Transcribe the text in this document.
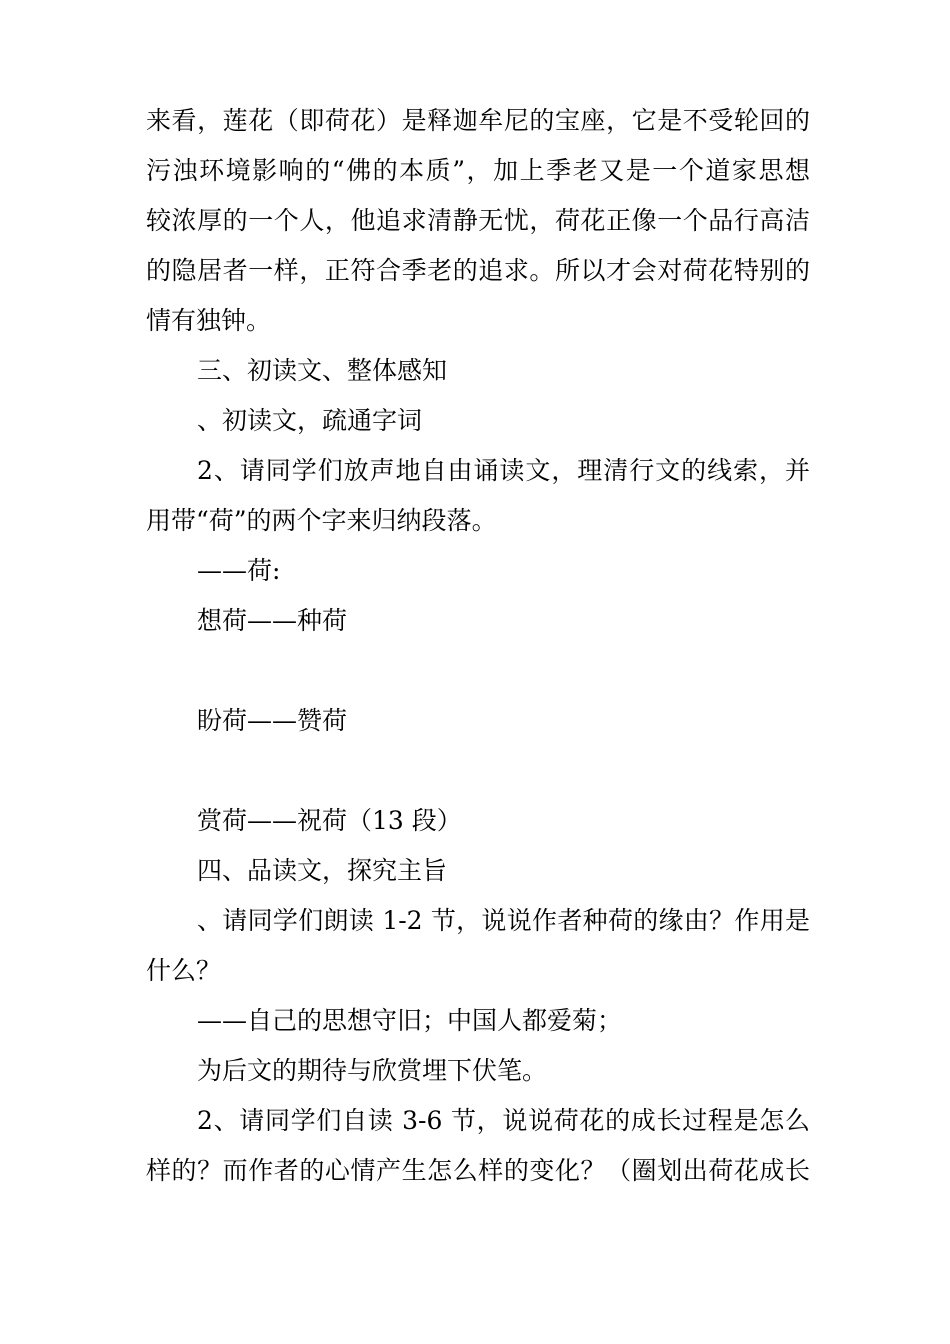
来看，莲花（即荷花）是释迦牟尼的宝座，它是不受轮回的
污浊环境影响的“佛的本质”，加上季老又是一个道家思想
较浓厚的一个人，他追求清静无忧，荷花正像一个品行高洁
的隐居者一样，正符合季老的追求。所以才会对荷花特别的
情有独钟。
三、初读文、整体感知
、初读文，疏通字词
2、请同学们放声地自由诵读文，理清行文的线索，并
用带“荷”的两个字来归纳段落。
——荷:
想荷——种荷
盼荷——赞荷
赏荷——祝荷（13 段）
四、品读文，探究主旨
、请同学们朗读 1-2 节，说说作者种荷的缘由？作用是
什么？
——自己的思想守旧；中国人都爱菊；
为后文的期待与欣赏埋下伏笔。
2、请同学们自读 3-6 节，说说荷花的成长过程是怎么
样的？而作者的心情产生怎么样的变化？（圈划出荷花成长
